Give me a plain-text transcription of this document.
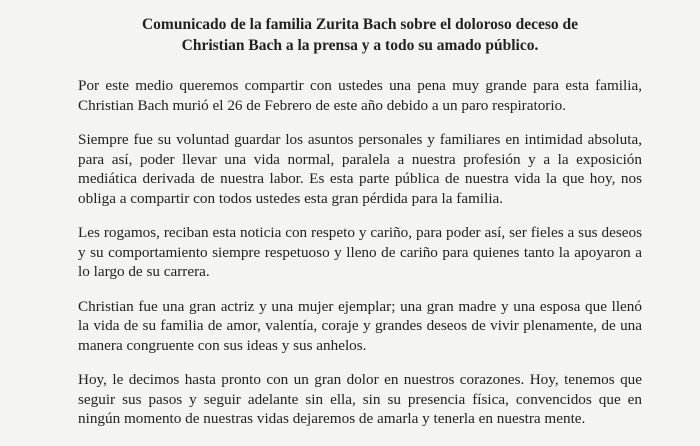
Comunicado de la familia Zurita Bach sobre el doloroso deceso de
Christian Bach a la prensa y a todo su amado público.

Por este medio queremos compartir con ustedes una pena muy grande para esta familia, Christian Bach murió el 26 de Febrero de este año debido a un paro respiratorio.

Siempre fue su voluntad guardar los asuntos personales y familiares en intimidad absoluta, para así, poder llevar una vida normal, paralela a nuestra profesión y a la exposición mediática derivada de nuestra labor. Es esta parte pública de nuestra vida la que hoy, nos obliga a compartir con todos ustedes esta gran pérdida para la familia.

Les rogamos, reciban esta noticia con respeto y cariño, para poder así, ser fieles a sus deseos y su comportamiento siempre respetuoso y lleno de cariño para quienes tanto la apoyaron a lo largo de su carrera.

Christian fue una gran actriz y una mujer ejemplar; una gran madre y una esposa que llenó la vida de su familia de amor, valentía, coraje y grandes deseos de vivir plenamente, de una manera congruente con sus ideas y sus anhelos.

Hoy, le decimos hasta pronto con un gran dolor en nuestros corazones. Hoy, tenemos que seguir sus pasos y seguir adelante sin ella, sin su presencia física, convencidos que en ningún momento de nuestras vidas dejaremos de amarla y tenerla en nuestra mente.
